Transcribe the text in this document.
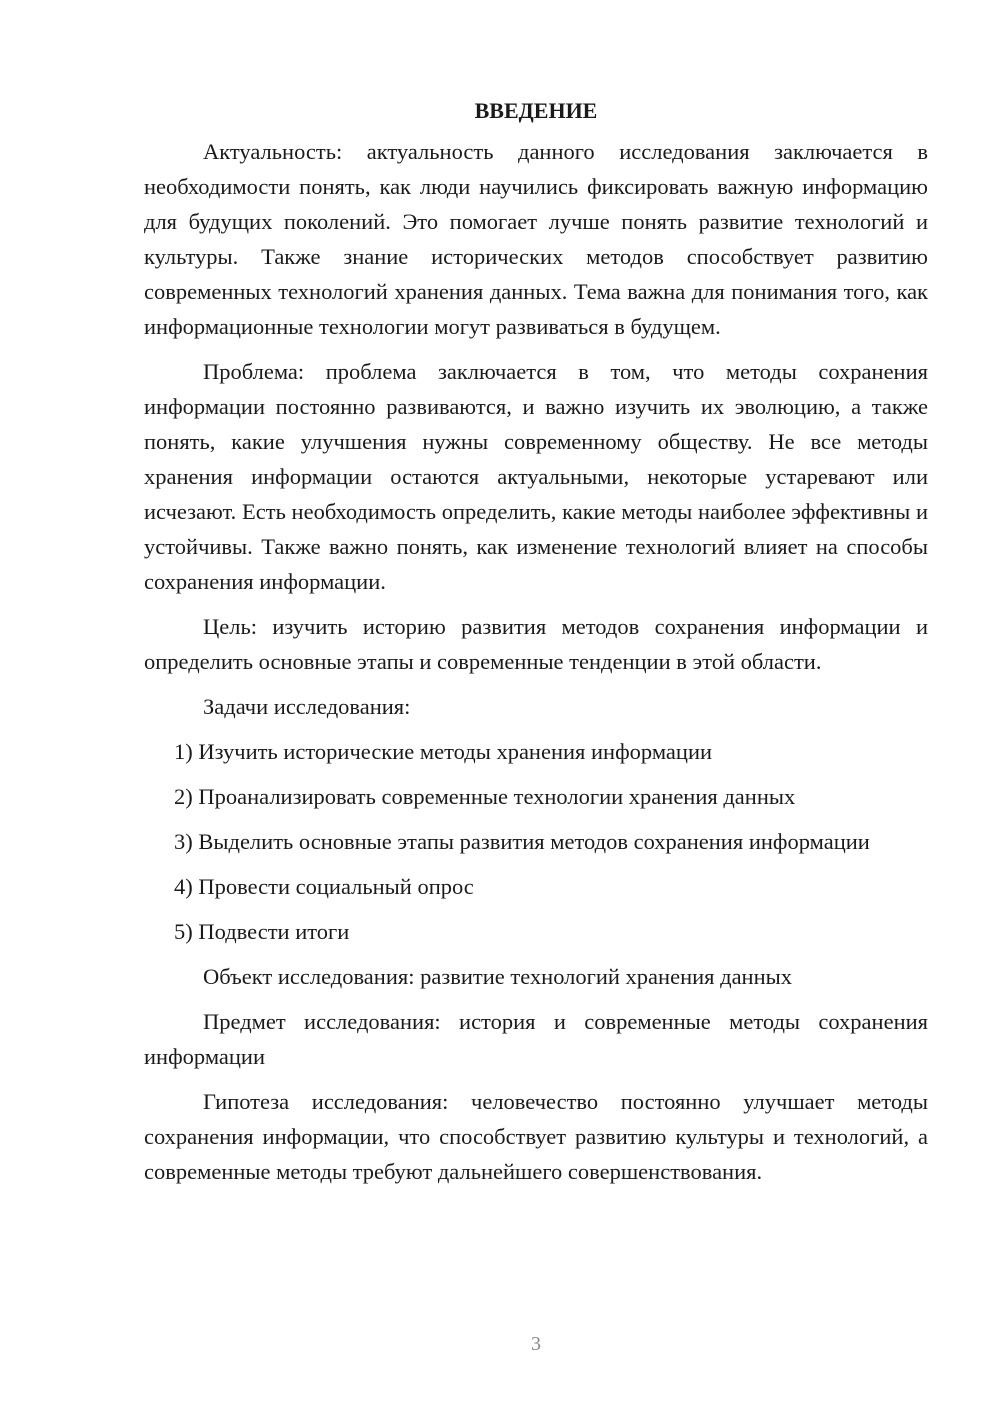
ВВЕДЕНИЕ

Актуальность: актуальность данного исследования заключается в необходимости понять, как люди научились фиксировать важную информацию для будущих поколений. Это помогает лучше понять развитие технологий и культуры. Также знание исторических методов способствует развитию современных технологий хранения данных. Тема важна для понимания того, как информационные технологии могут развиваться в будущем.

Проблема: проблема заключается в том, что методы сохранения информации постоянно развиваются, и важно изучить их эволюцию, а также понять, какие улучшения нужны современному обществу. Не все методы хранения информации остаются актуальными, некоторые устаревают или исчезают. Есть необходимость определить, какие методы наиболее эффективны и устойчивы. Также важно понять, как изменение технологий влияет на способы сохранения информации.

Цель: изучить историю развития методов сохранения информации и определить основные этапы и современные тенденции в этой области.

Задачи исследования:

1) Изучить исторические методы хранения информации

2) Проанализировать современные технологии хранения данных

3) Выделить основные этапы развития методов сохранения информации

4) Провести социальный опрос

5) Подвести итоги

Объект исследования: развитие технологий хранения данных

Предмет исследования: история и современные методы сохранения информации

Гипотеза исследования: человечество постоянно улучшает методы сохранения информации, что способствует развитию культуры и технологий, а современные методы требуют дальнейшего совершенствования.

3
